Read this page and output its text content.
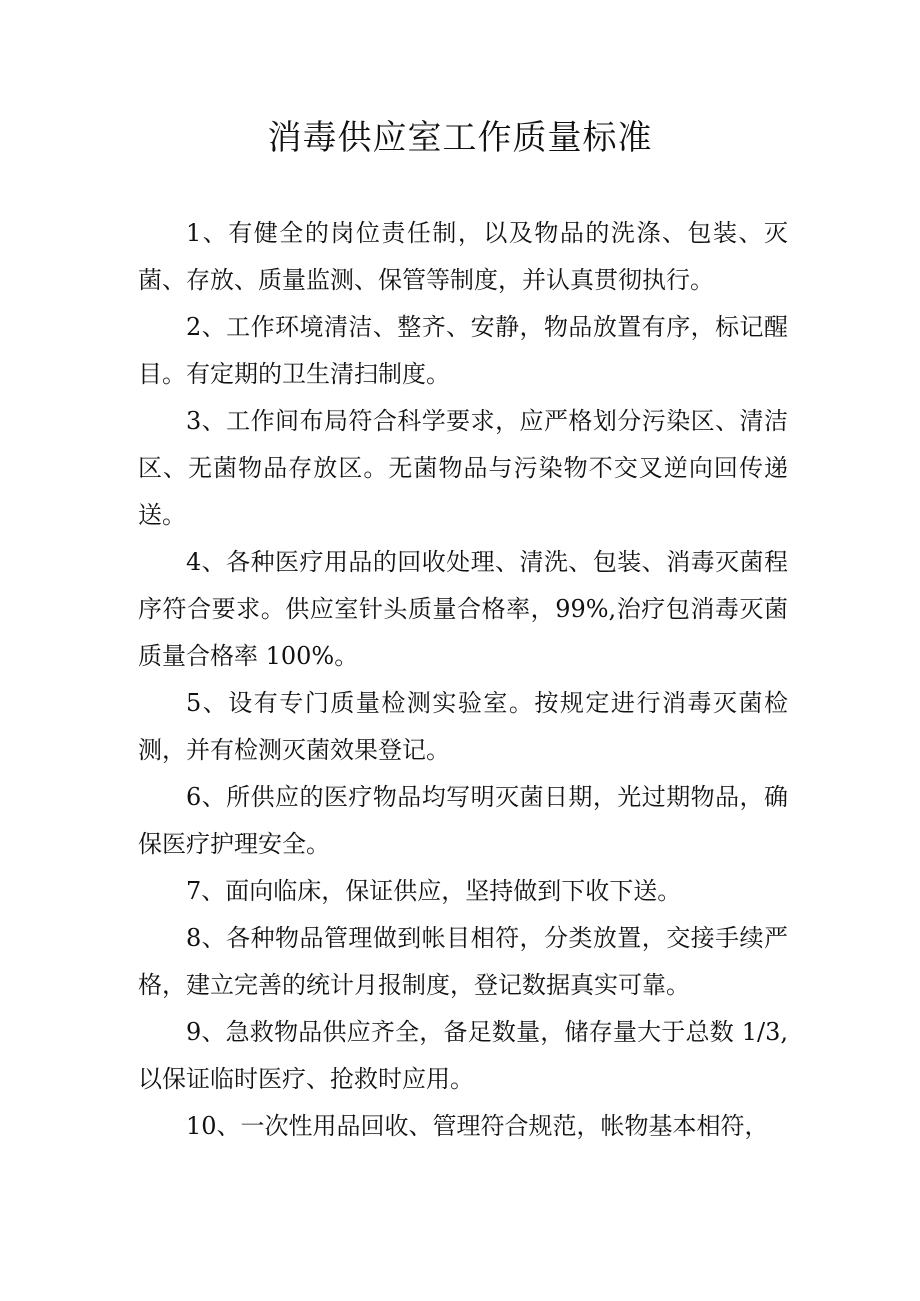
消毒供应室工作质量标准

1、有健全的岗位责任制，以及物品的洗涤、包装、灭菌、存放、质量监测、保管等制度，并认真贯彻执行。

2、工作环境清洁、整齐、安静，物品放置有序，标记醒目。有定期的卫生清扫制度。

3、工作间布局符合科学要求，应严格划分污染区、清洁区、无菌物品存放区。无菌物品与污染物不交叉逆向回传递送。

4、各种医疗用品的回收处理、清洗、包装、消毒灭菌程序符合要求。供应室针头质量合格率，99%,治疗包消毒灭菌质量合格率 100%。

5、设有专门质量检测实验室。按规定进行消毒灭菌检测，并有检测灭菌效果登记。

6、所供应的医疗物品均写明灭菌日期，光过期物品，确保医疗护理安全。

7、面向临床，保证供应，坚持做到下收下送。

8、各种物品管理做到帐目相符，分类放置，交接手续严格，建立完善的统计月报制度，登记数据真实可靠。

9、急救物品供应齐全，备足数量，储存量大于总数 1/3,以保证临时医疗、抢救时应用。

10、一次性用品回收、管理符合规范，帐物基本相符，
